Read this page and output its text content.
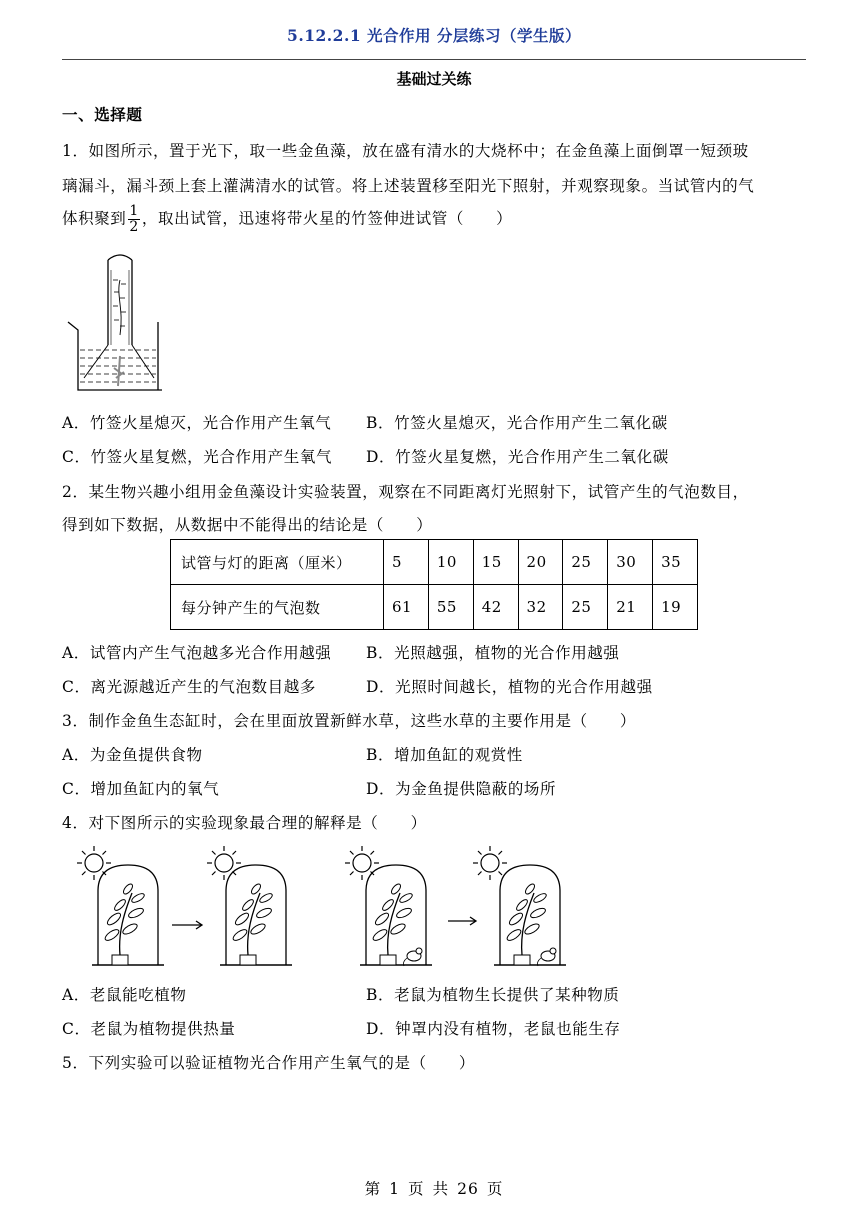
5.12.2.1 光合作用 分层练习（学生版）
基础过关练
一、选择题
1．如图所示，置于光下，取一些金鱼藻，放在盛有清水的大烧杯中；在金鱼藻上面倒罩一短颈玻
璃漏斗，漏斗颈上套上灌满清水的试管。将上述装置移至阳光下照射，并观察现象。当试管内的气
体积聚到 $\frac{1}{2}$ ，取出试管，迅速将带火星的竹签伸进试管（　　）
A．竹签火星熄灭，光合作用产生氧气 B．竹签火星熄灭，光合作用产生二氧化碳
C．竹签火星复燃，光合作用产生氧气 D．竹签火星复燃，光合作用产生二氧化碳
2．某生物兴趣小组用金鱼藻设计实验装置，观察在不同距离灯光照射下，试管产生的气泡数目，
得到如下数据，从数据中不能得出的结论是（　　）
试管与灯的距离（厘米）	5	10	15	20	25	30	35
每分钟产生的气泡数	61	55	42	32	25	21	19
A．试管内产生气泡越多光合作用越强 B．光照越强，植物的光合作用越强
C．离光源越近产生的气泡数目越多	D．光照时间越长，植物的光合作用越强
3．制作金鱼生态缸时，会在里面放置新鲜水草，这些水草的主要作用是（　　）
A．为金鱼提供食物	B．增加鱼缸的观赏性
C．增加鱼缸内的氧气	D．为金鱼提供隐蔽的场所
4．对下图所示的实验现象最合理的解释是（　　）
A．老鼠能吃植物	B．老鼠为植物生长提供了某种物质
C．老鼠为植物提供热量	D．钟罩内没有植物，老鼠也能生存
5．下列实验可以验证植物光合作用产生氧气的是（　　）
第 1 页 共 26 页
